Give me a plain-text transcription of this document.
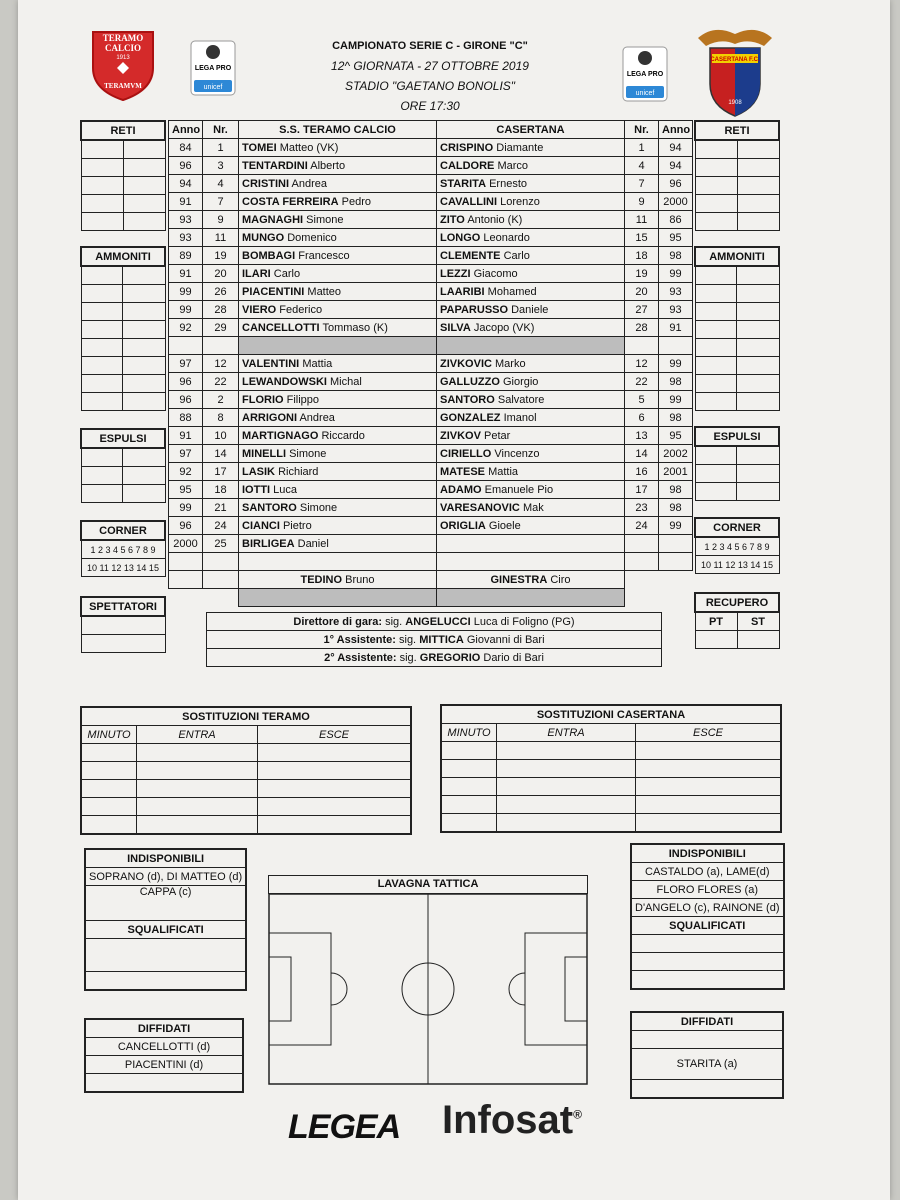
TERAMO
CALCIO
1913
TERAMVM
LEGA PRO
unicef
LEGA PRO
unicef
CASERTANA F.C.
1908
CAMPIONATO SERIE C - GIRONE "C"
12^ GIORNATA - 27 OTTOBRE 2019
STADIO "GAETANO BONOLIS"
ORE 17:30
RETI	

AMMONITI	

ESPULSI	

CORNER
1 2 3 4 5 6 7 8 9
10 11 12 13 14 15
SPETTATORI

RETI	

AMMONITI	

ESPULSI	

CORNER
1 2 3 4 5 6 7 8 9
10 11 12 13 14 15
RECUPERO	
PT	ST

Anno	Nr.	S.S. TERAMO CALCIO	CASERTANA	Nr.	Anno
84	1	TOMEI Matteo (VK)	CRISPINO Diamante	1	94
96	3	TENTARDINI Alberto	CALDORE Marco	4	94
94	4	CRISTINI Andrea	STARITA Ernesto	7	96
91	7	COSTA FERREIRA Pedro	CAVALLINI Lorenzo	9	2000
93	9	MAGNAGHI Simone	ZITO Antonio (K)	11	86
93	11	MUNGO Domenico	LONGO Leonardo	15	95
89	19	BOMBAGI Francesco	CLEMENTE Carlo	18	98
91	20	ILARI Carlo	LEZZI Giacomo	19	99
99	26	PIACENTINI Matteo	LAARIBI Mohamed	20	93
99	28	VIERO Federico	PAPARUSSO Daniele	27	93
92	29	CANCELLOTTI Tommaso (K)	SILVA Jacopo (VK)	28	91

97	12	VALENTINI Mattia	ZIVKOVIC Marko	12	99
96	22	LEWANDOWSKI Michal	GALLUZZO Giorgio	22	98
96	2	FLORIO Filippo	SANTORO Salvatore	5	99
88	8	ARRIGONI Andrea	GONZALEZ Imanol	6	98
91	10	MARTIGNAGO Riccardo	ZIVKOV Petar	13	95
97	14	MINELLI Simone	CIRIELLO Vincenzo	14	2002
92	17	LASIK Richiard	MATESE Mattia	16	2001
95	18	IOTTI Luca	ADAMO Emanuele Pio	17	98
99	21	SANTORO Simone	VARESANOVIC Mak	23	98
96	24	CIANCI Pietro	ORIGLIA Gioele	24	99
2000	25	BIRLIGEA Daniel			

		TEDINO Bruno	GINESTRA Ciro		

Direttore di gara: sig. ANGELUCCI Luca di Foligno (PG)
1° Assistente: sig. MITTICA Giovanni di Bari
2° Assistente: sig. GREGORIO Dario di Bari
SOSTITUZIONI TERAMO		
MINUTO	ENTRA	ESCE

SOSTITUZIONI CASERTANA		
MINUTO	ENTRA	ESCE

INDISPONIBILI
SOPRANO (d), DI MATTEO (d)
CAPPA (c)
SQUALIFICATI

DIFFIDATI
CANCELLOTTI (d)
PIACENTINI (d)

INDISPONIBILI
CASTALDO (a), LAME(d)
FLORO FLORES (a)
D'ANGELO (c), RAINONE (d)
SQUALIFICATI

DIFFIDATI

STARITA (a)

LAVAGNA TATTICA
LEGEA Infosat®
